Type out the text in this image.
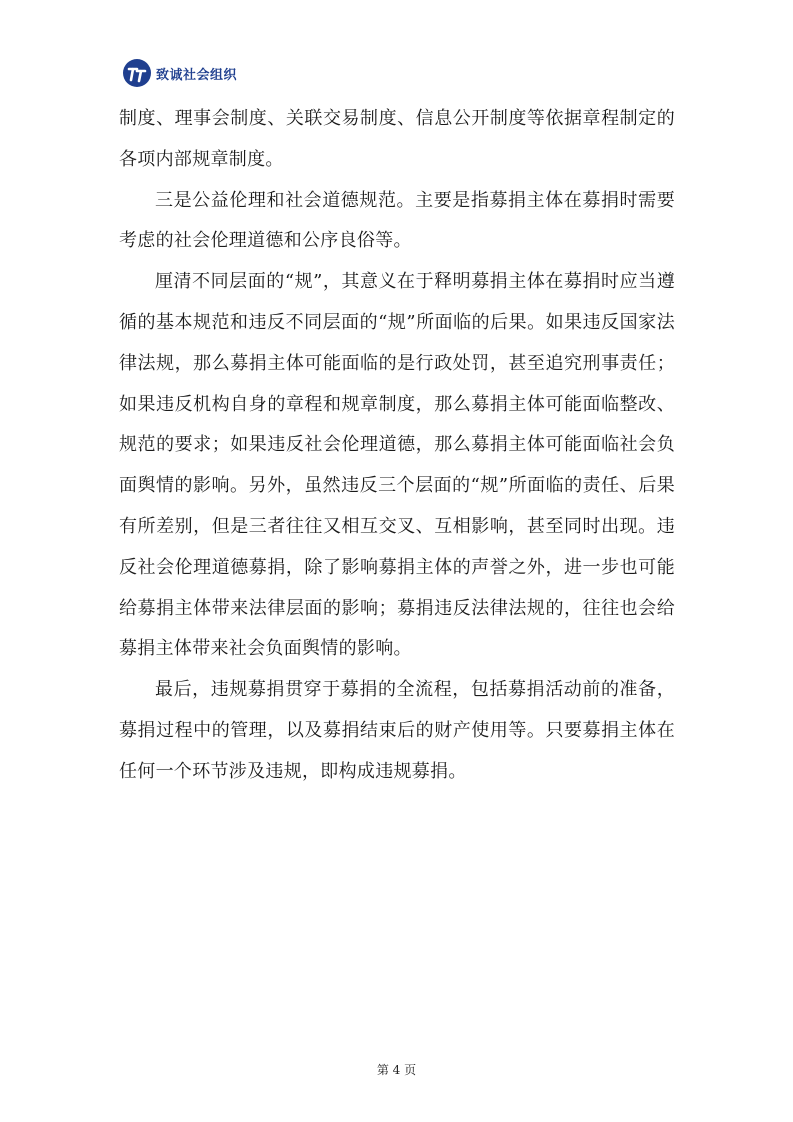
致诚社会组织

制度、理事会制度、关联交易制度、信息公开制度等依据章程制定的各项内部规章制度。

三是公益伦理和社会道德规范。主要是指募捐主体在募捐时需要考虑的社会伦理道德和公序良俗等。

厘清不同层面的“规”，其意义在于释明募捐主体在募捐时应当遵循的基本规范和违反不同层面的“规”所面临的后果。如果违反国家法律法规，那么募捐主体可能面临的是行政处罚，甚至追究刑事责任；如果违反机构自身的章程和规章制度，那么募捐主体可能面临整改、规范的要求；如果违反社会伦理道德，那么募捐主体可能面临社会负面舆情的影响。另外，虽然违反三个层面的“规”所面临的责任、后果有所差别，但是三者往往又相互交叉、互相影响，甚至同时出现。违反社会伦理道德募捐，除了影响募捐主体的声誉之外，进一步也可能给募捐主体带来法律层面的影响；募捐违反法律法规的，往往也会给募捐主体带来社会负面舆情的影响。

最后，违规募捐贯穿于募捐的全流程，包括募捐活动前的准备，募捐过程中的管理，以及募捐结束后的财产使用等。只要募捐主体在任何一个环节涉及违规，即构成违规募捐。

第 4 页
